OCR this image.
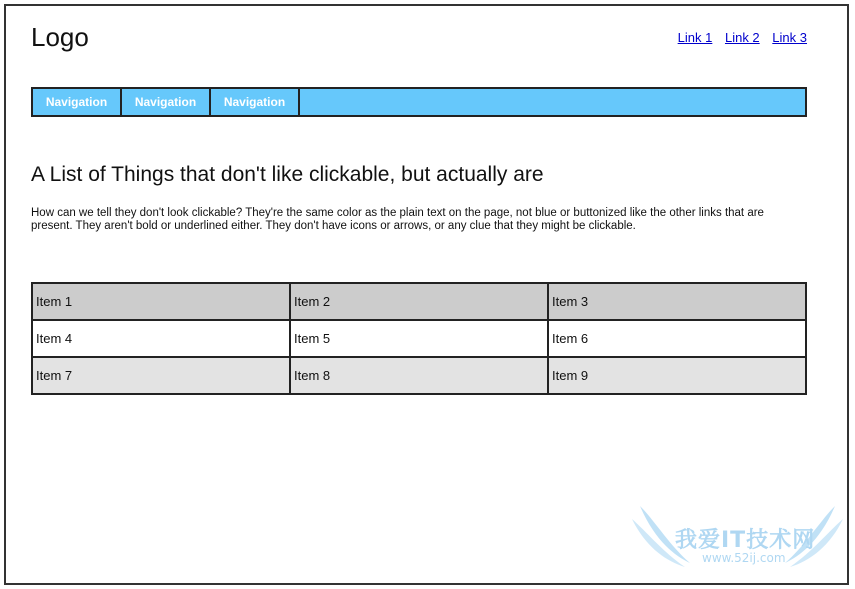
Logo	Link 1 Link 2 Link 3
Navigation	Navigation	Navigation
A List of Things that don't like clickable, but actually are

How can we tell they don't look clickable? They're the same color as the plain text on the page, not blue or buttonized like the other links that are present. They aren't bold or underlined either. They don't have icons or arrows, or any clue that they might be clickable.

Item 1	Item 2	Item 3
Item 4	Item 5	Item 6
Item 7	Item 8	Item 9
我爱IT技术网
www.52ij.com
